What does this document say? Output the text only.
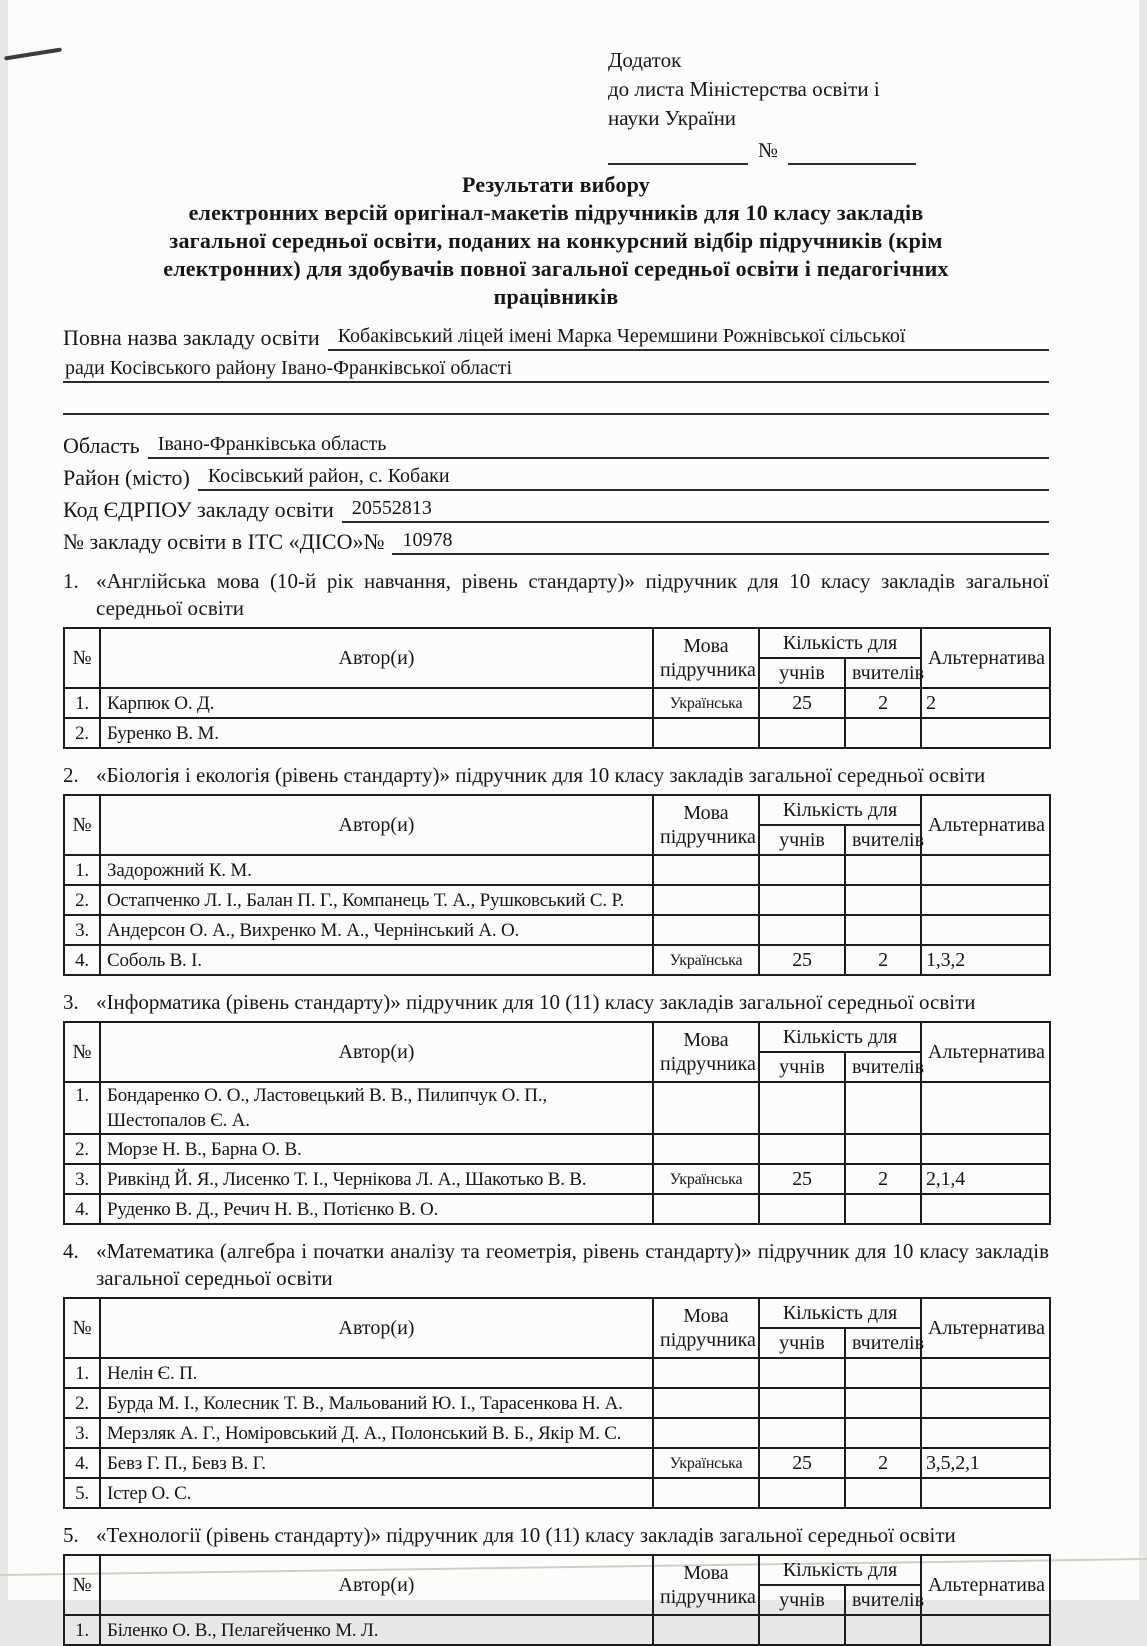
Додаток
до листа Міністерства освіти і
науки України
№
Результати вибору
електронних версій оригінал-макетів підручників для 10 класу закладів
загальної середньої освіти, поданих на конкурсний відбір підручників (крім
електронних) для здобувачів повної загальної середньої освіти і педагогічних
працівників
Повна назва закладу освіти Кобаківський ліцей імені Марка Черемшини Рожнівської сільської
ради Косівського району Івано-Франківської області
Область Івано-Франківська область
Район (місто) Косівський район, с. Кобаки
Код ЄДРПОУ закладу освіти 20552813
№ закладу освіти в ІТС «ДІСО»№ 10978
1. «Англійська мова (10-й рік навчання, рівень стандарту)» підручник для 10 класу закладів загальної середньої освіти
№	Автор(и)	Мова підручника	Кількість для		Альтернатива
			учнів	вчителів	
1.	Карпюк О. Д.	Українська	25	2	2
2.	Буренко В. М.				
2. «Біологія і екологія (рівень стандарту)» підручник для 10 класу закладів загальної середньої освіти
№	Автор(и)	Мова підручника	Кількість для		Альтернатива
			учнів	вчителів	
1.	Задорожний К. М.				
2.	Остапченко Л. І., Балан П. Г., Компанець Т. А., Рушковський С. Р.				
3.	Андерсон О. А., Вихренко М. А., Чернінський А. О.				
4.	Соболь В. І.	Українська	25	2	1,3,2
3. «Інформатика (рівень стандарту)» підручник для 10 (11) класу закладів загальної середньої освіти
№	Автор(и)	Мова підручника	Кількість для		Альтернатива
			учнів	вчителів	
1.	Бондаренко О. О., Ластовецький В. В., Пилипчук О. П., Шестопалов Є. А.				
2.	Морзе Н. В., Барна О. В.				
3.	Ривкінд Й. Я., Лисенко Т. І., Чернікова Л. А., Шакотько В. В.	Українська	25	2	2,1,4
4.	Руденко В. Д., Речич Н. В., Потієнко В. О.				
4. «Математика (алгебра і початки аналізу та геометрія, рівень стандарту)» підручник для 10 класу закладів загальної середньої освіти
№	Автор(и)	Мова підручника	Кількість для		Альтернатива
			учнів	вчителів	
1.	Нелін Є. П.				
2.	Бурда М. І., Колесник Т. В., Мальований Ю. І., Тарасенкова Н. А.				
3.	Мерзляк А. Г., Номіровський Д. А., Полонський В. Б., Якір М. С.				
4.	Бевз Г. П., Бевз В. Г.	Українська	25	2	3,5,2,1
5.	Істер О. С.				
5. «Технології (рівень стандарту)» підручник для 10 (11) класу закладів загальної середньої освіти
№	Автор(и)	Мова підручника	Кількість для		Альтернатива
			учнів	вчителів	
1.	Біленко О. В., Пелагейченко М. Л.				
